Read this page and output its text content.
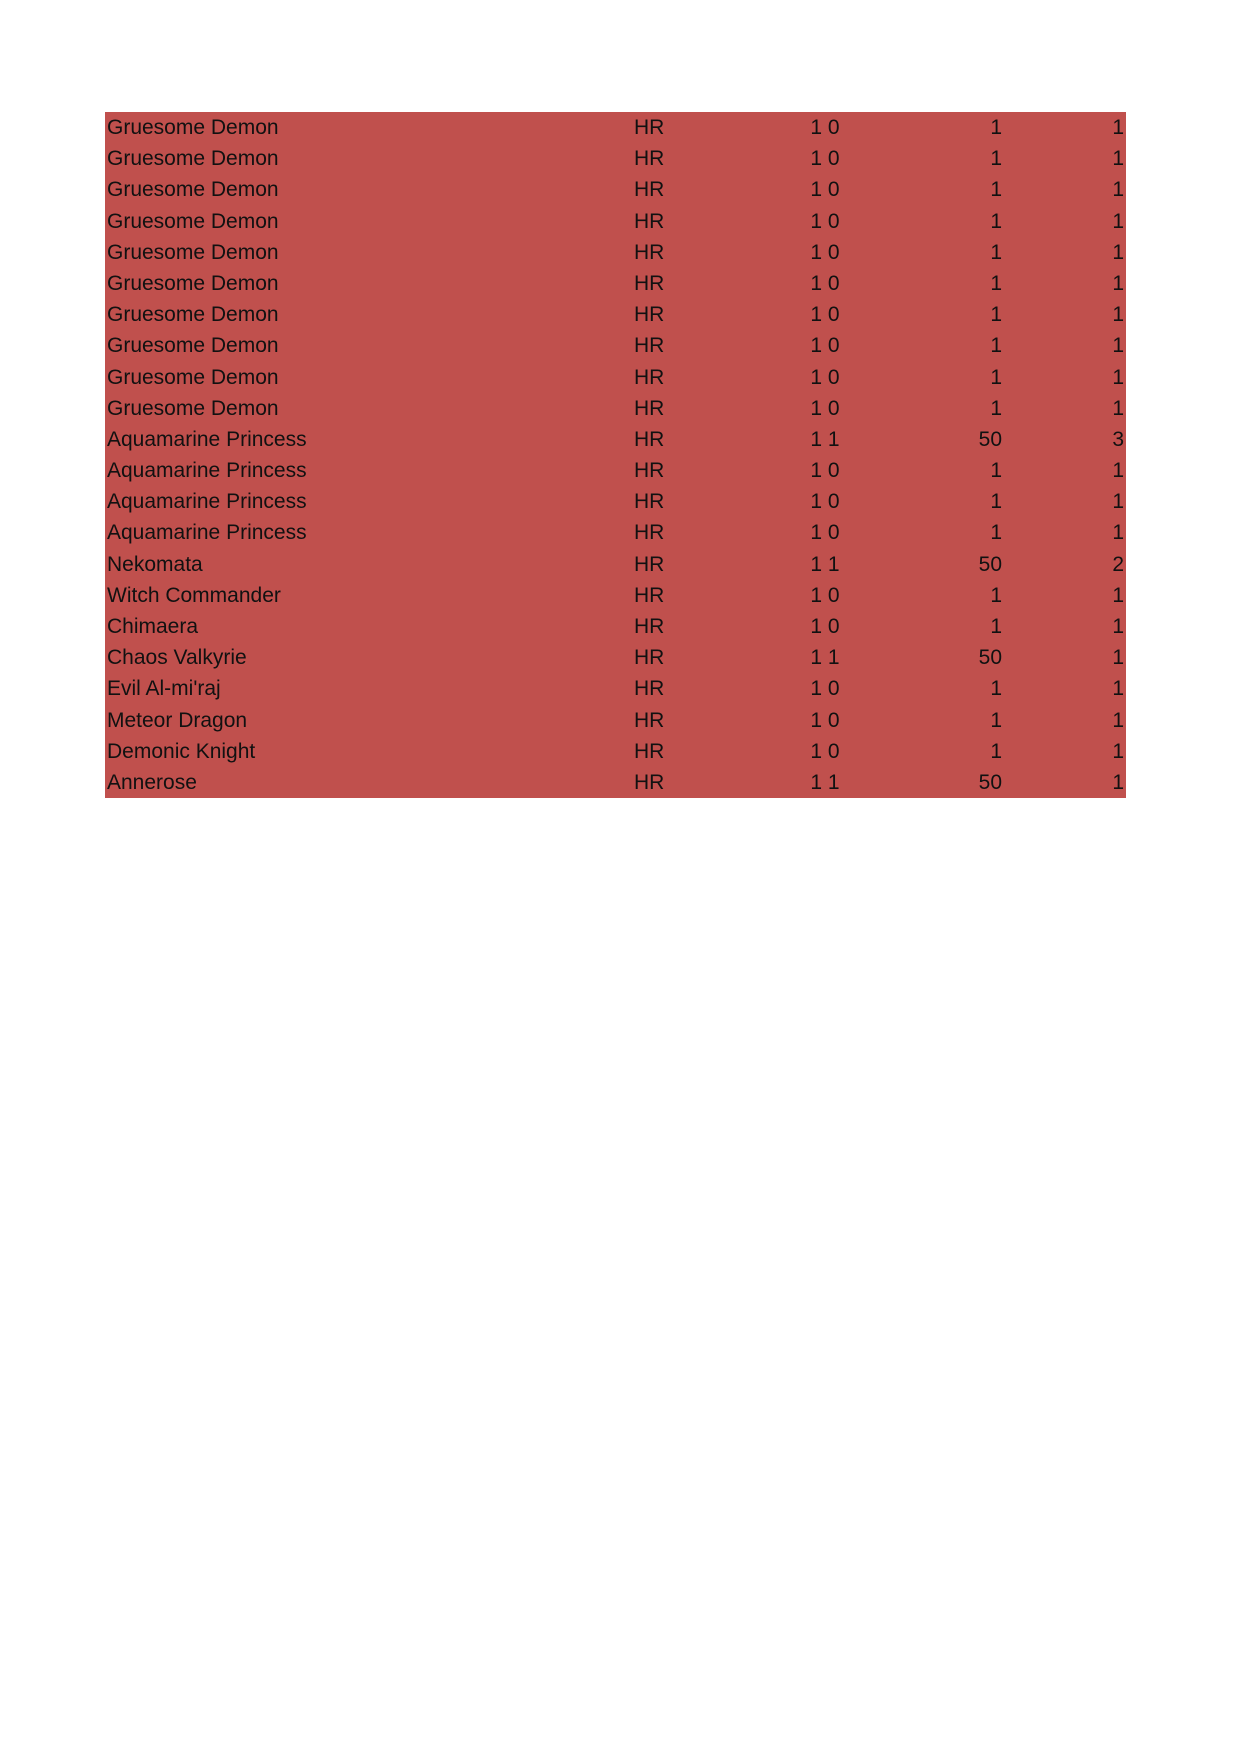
Gruesome Demon	HR	1 0	1	1
Gruesome Demon	HR	1 0	1	1
Gruesome Demon	HR	1 0	1	1
Gruesome Demon	HR	1 0	1	1
Gruesome Demon	HR	1 0	1	1
Gruesome Demon	HR	1 0	1	1
Gruesome Demon	HR	1 0	1	1
Gruesome Demon	HR	1 0	1	1
Gruesome Demon	HR	1 0	1	1
Gruesome Demon	HR	1 0	1	1
Aquamarine Princess	HR	1 1	50	3
Aquamarine Princess	HR	1 0	1	1
Aquamarine Princess	HR	1 0	1	1
Aquamarine Princess	HR	1 0	1	1
Nekomata	HR	1 1	50	2
Witch Commander	HR	1 0	1	1
Chimaera	HR	1 0	1	1
Chaos Valkyrie	HR	1 1	50	1
Evil Al-mi'raj	HR	1 0	1	1
Meteor Dragon	HR	1 0	1	1
Demonic Knight	HR	1 0	1	1
Annerose	HR	1 1	50	1
